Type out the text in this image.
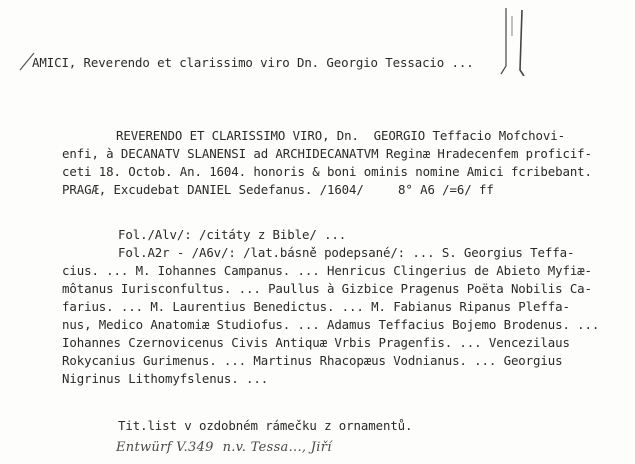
AMICI, Reverendo et clarissimo viro Dn. Georgio Tessacio ...
REVERENDO ET CLARISSIMO VIRO, Dn.  GEORGIO Teffacio Mofchovi-
enfi, à DECANATV SLANENSI ad ARCHIDECANATVM Reginæ Hradecenfem proficif-
ceti 18. Octob. An. 1604. honoris & boni ominis nomine Amici fcribebant.
PRAGÆ, Excudebat DANIEL Sedefanus. /1604/	8° A6 /=6/ ff
Fol./Alv/: /citáty z Bible/ ...
Fol.A2r - /A6v/: /lat.básně podepsané/: ... S. Georgius Teffa-
cius. ... M. Iohannes Campanus. ... Henricus Clingerius de Abieto Myfiæ-
môtanus Iurisconfultus. ... Paullus à Gizbice Pragenus Poëta Nobilis Ca-
farius. ... M. Laurentius Benedictus. ... M. Fabianus Ripanus Pleffa-
nus, Medico Anatomiæ Studiofus. ... Adamus Teffacius Bojemo Brodenus. ...
Iohannes Czernovicenus Civis Antiquæ Vrbis Pragenfis. ... Vencezilaus
Rokycanius Gurimenus. ... Martinus Rhacopæus Vodnianus. ... Georgius
Nigrinus Lithomyfslenus. ...
Tit.list v ozdobném rámečku z ornamentů.
Entwürf V.349  n.v. Tessa..., Jiří
